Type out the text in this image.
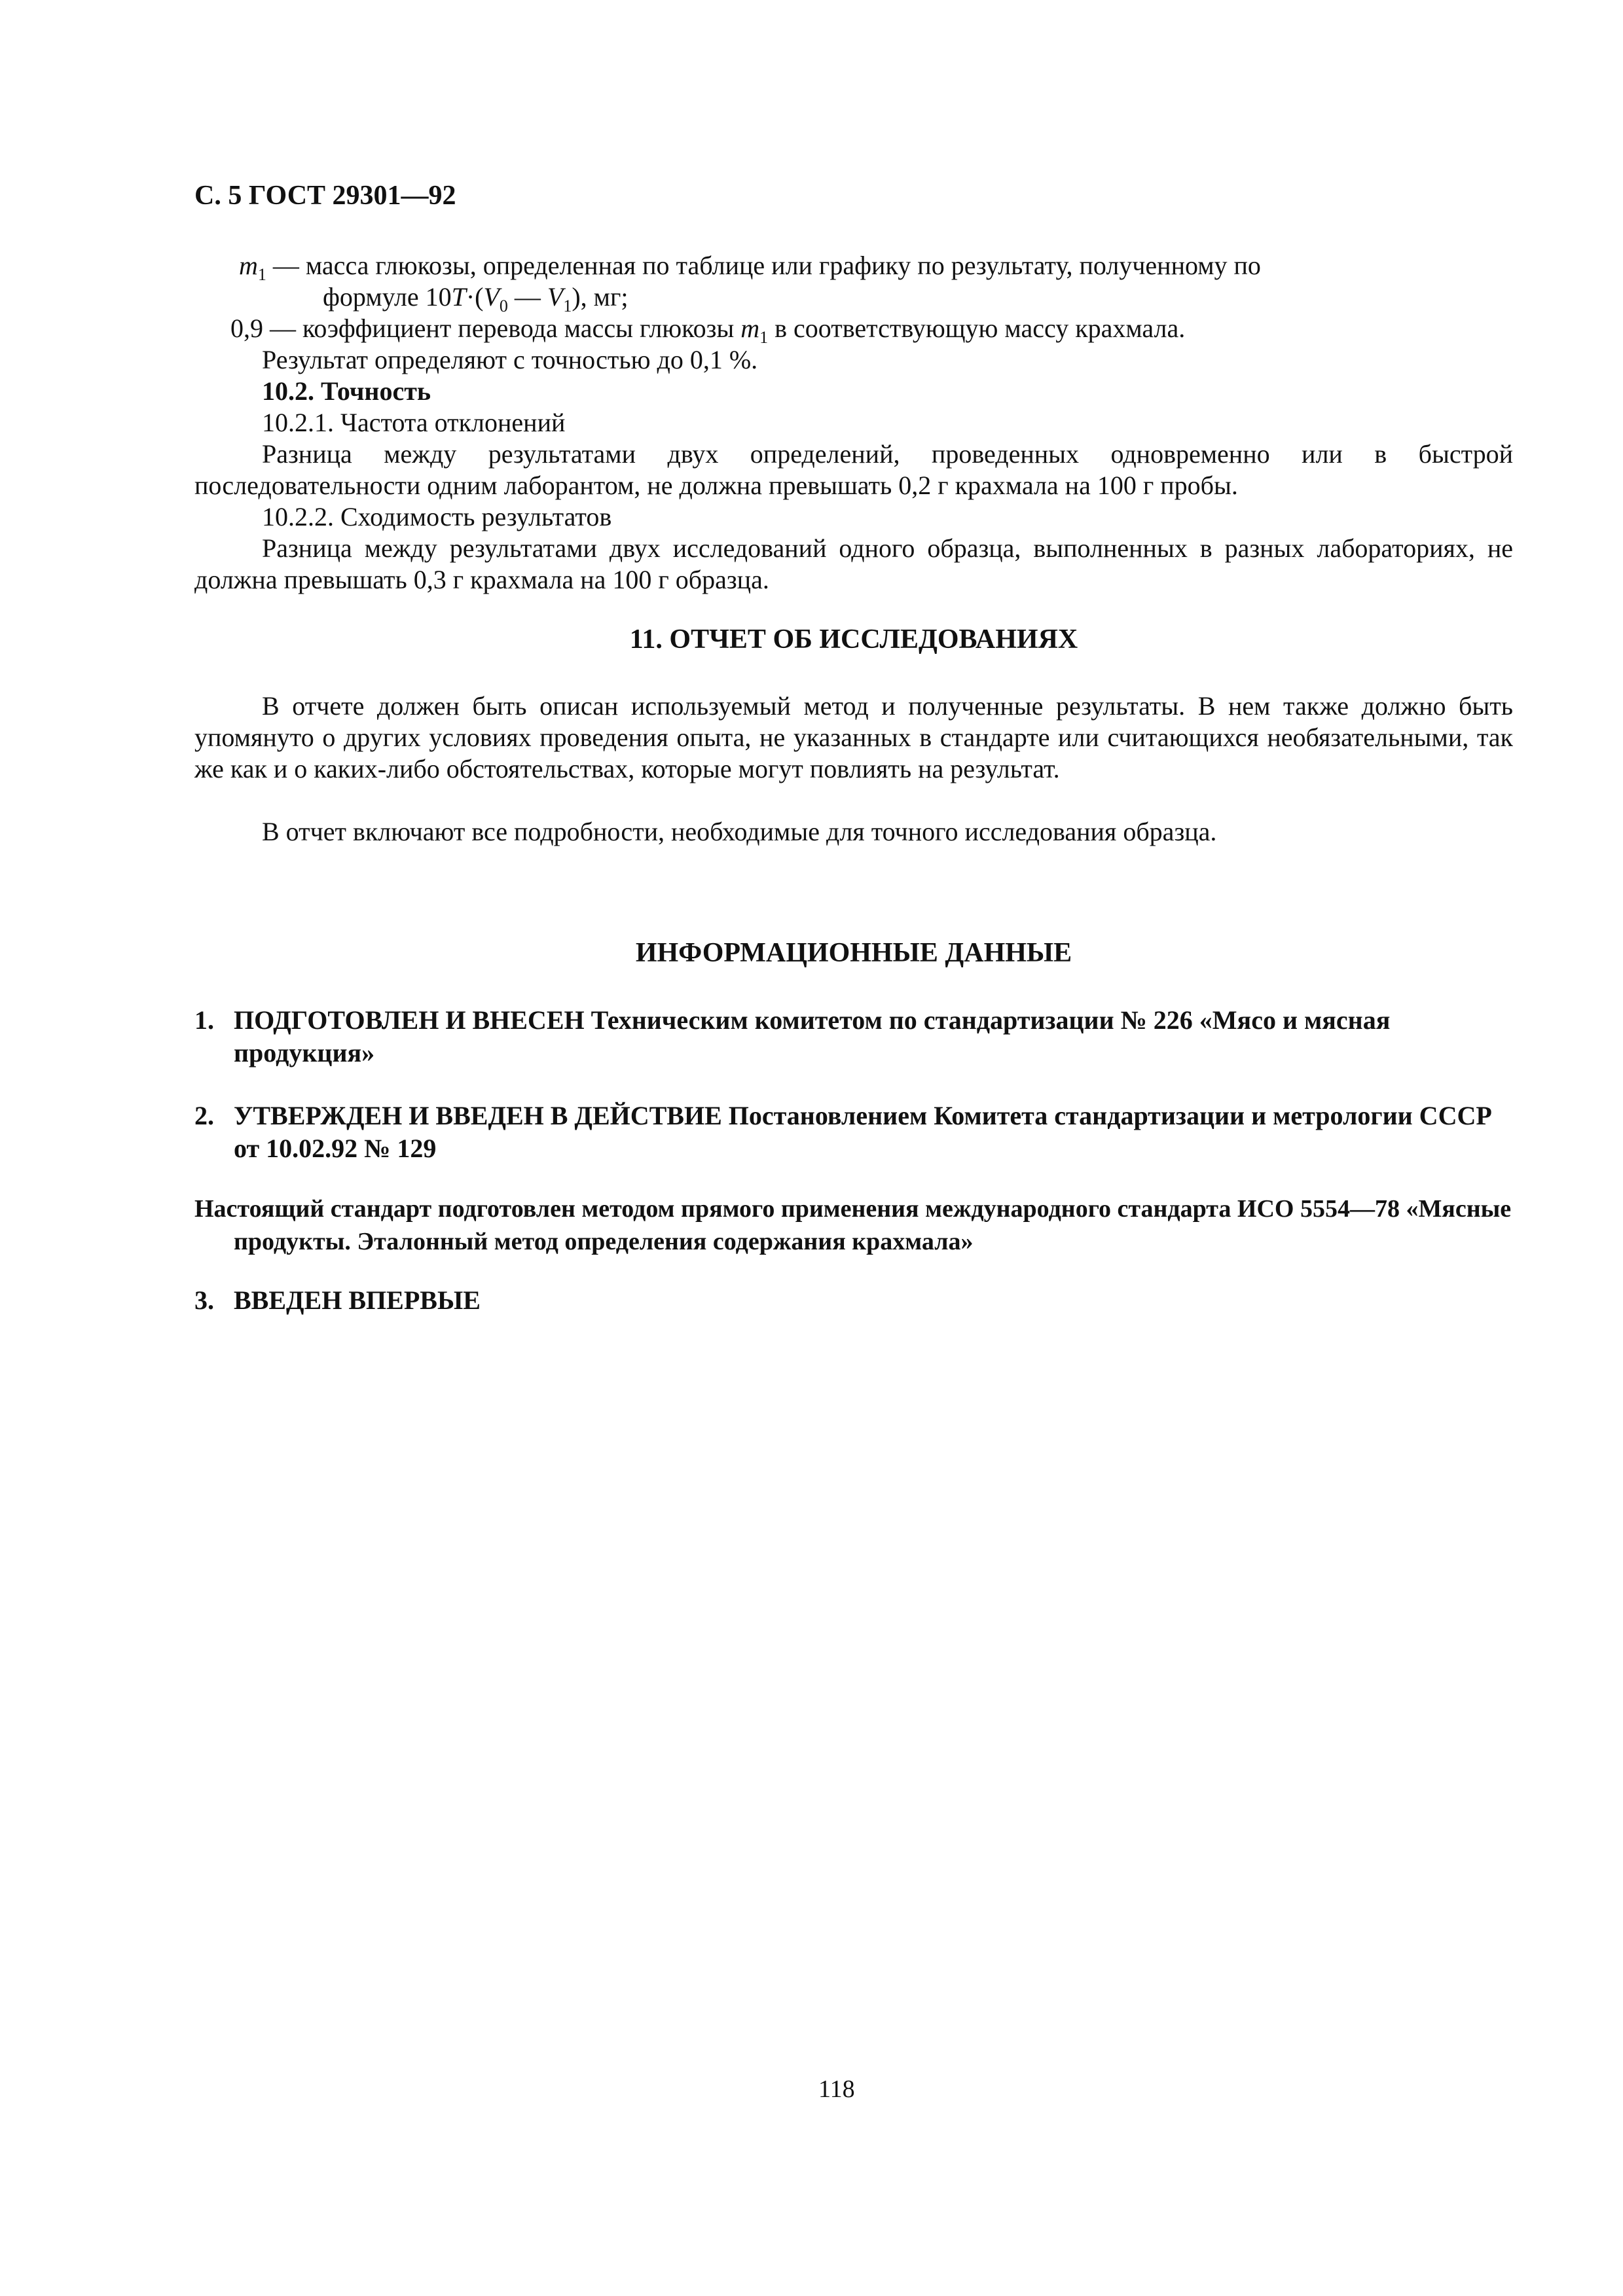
С. 5 ГОСТ 29301—92
$m_1$ — масса глюкозы, определенная по таблице или графику по результату, полученному по
формуле $10T\cdot(V_0$ — $V_1$), мг;
0,9 — коэффициент перевода массы глюкозы $m_1$ в соответствующую массу крахмала.
Результат определяют с точностью до 0,1 %.
10.2. Точность
10.2.1. Частота отклонений
Разница между результатами двух определений, проведенных одновременно или в быстрой последовательности одним лаборантом, не должна превышать 0,2 г крахмала на 100 г пробы.
10.2.2. Сходимость результатов
Разница между результатами двух исследований одного образца, выполненных в разных лабораториях, не должна превышать 0,3 г крахмала на 100 г образца.
11. ОТЧЕТ ОБ ИССЛЕДОВАНИЯХ
В отчете должен быть описан используемый метод и полученные результаты. В нем также должно быть упомянуто о других условиях проведения опыта, не указанных в стандарте или считающихся необязательными, так же как и о каких-либо обстоятельствах, которые могут повлиять на результат.
В отчет включают все подробности, необходимые для точного исследования образца.
ИНФОРМАЦИОННЫЕ ДАННЫЕ
1. ПОДГОТОВЛЕН И ВНЕСЕН Техническим комитетом по стандартизации № 226 «Мясо и мясная продукция»
2. УТВЕРЖДЕН И ВВЕДЕН В ДЕЙСТВИЕ Постановлением Комитета стандартизации и метрологии СССР от 10.02.92 № 129
Настоящий стандарт подготовлен методом прямого применения международного стандарта ИСО 5554—78 «Мясные продукты. Эталонный метод определения содержания крахмала»
3. ВВЕДЕН ВПЕРВЫЕ
118
